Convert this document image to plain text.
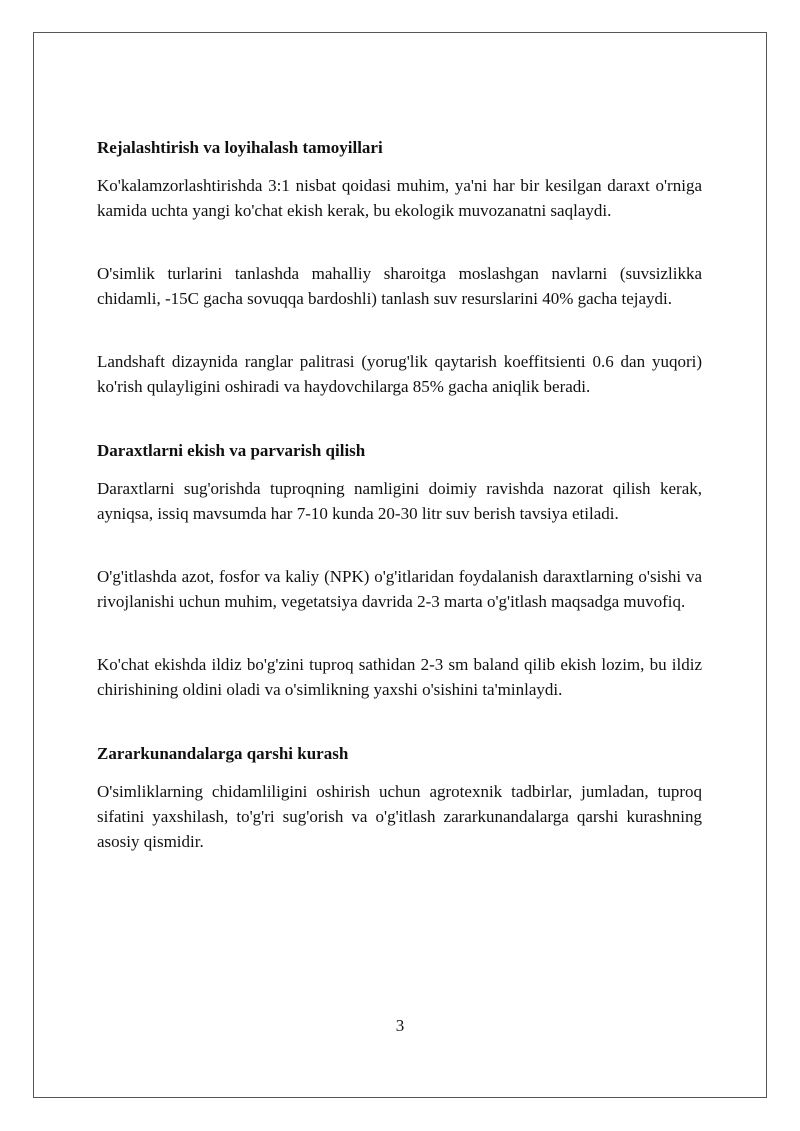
Rejalashtirish va loyihalash tamoyillari

Ko'kalamzorlashtirishda 3:1 nisbat qoidasi muhim, ya'ni har bir kesilgan daraxt o'rniga kamida uchta yangi ko'chat ekish kerak, bu ekologik muvozanatni saqlaydi.

O'simlik turlarini tanlashda mahalliy sharoitga moslashgan navlarni (suvsizlikka chidamli, -15C gacha sovuqqa bardoshli) tanlash suv resurslarini 40% gacha tejaydi.

Landshaft dizaynida ranglar palitrasi (yorug'lik qaytarish koeffitsienti 0.6 dan yuqori) ko'rish qulayligini oshiradi va haydovchilarga 85% gacha aniqlik beradi.

Daraxtlarni ekish va parvarish qilish

Daraxtlarni sug'orishda tuproqning namligini doimiy ravishda nazorat qilish kerak, ayniqsa, issiq mavsumda har 7-10 kunda 20-30 litr suv berish tavsiya etiladi.

O'g'itlashda azot, fosfor va kaliy (NPK) o'g'itlaridan foydalanish daraxtlarning o'sishi va rivojlanishi uchun muhim, vegetatsiya davrida 2-3 marta o'g'itlash maqsadga muvofiq.

Ko'chat ekishda ildiz bo'g'zini tuproq sathidan 2-3 sm baland qilib ekish lozim, bu ildiz chirishining oldini oladi va o'simlikning yaxshi o'sishini ta'minlaydi.

Zararkunandalarga qarshi kurash

O'simliklarning chidamliligini oshirish uchun agrotexnik tadbirlar, jumladan, tuproq sifatini yaxshilash, to'g'ri sug'orish va o'g'itlash zararkunandalarga qarshi kurashning asosiy qismidir.

3
